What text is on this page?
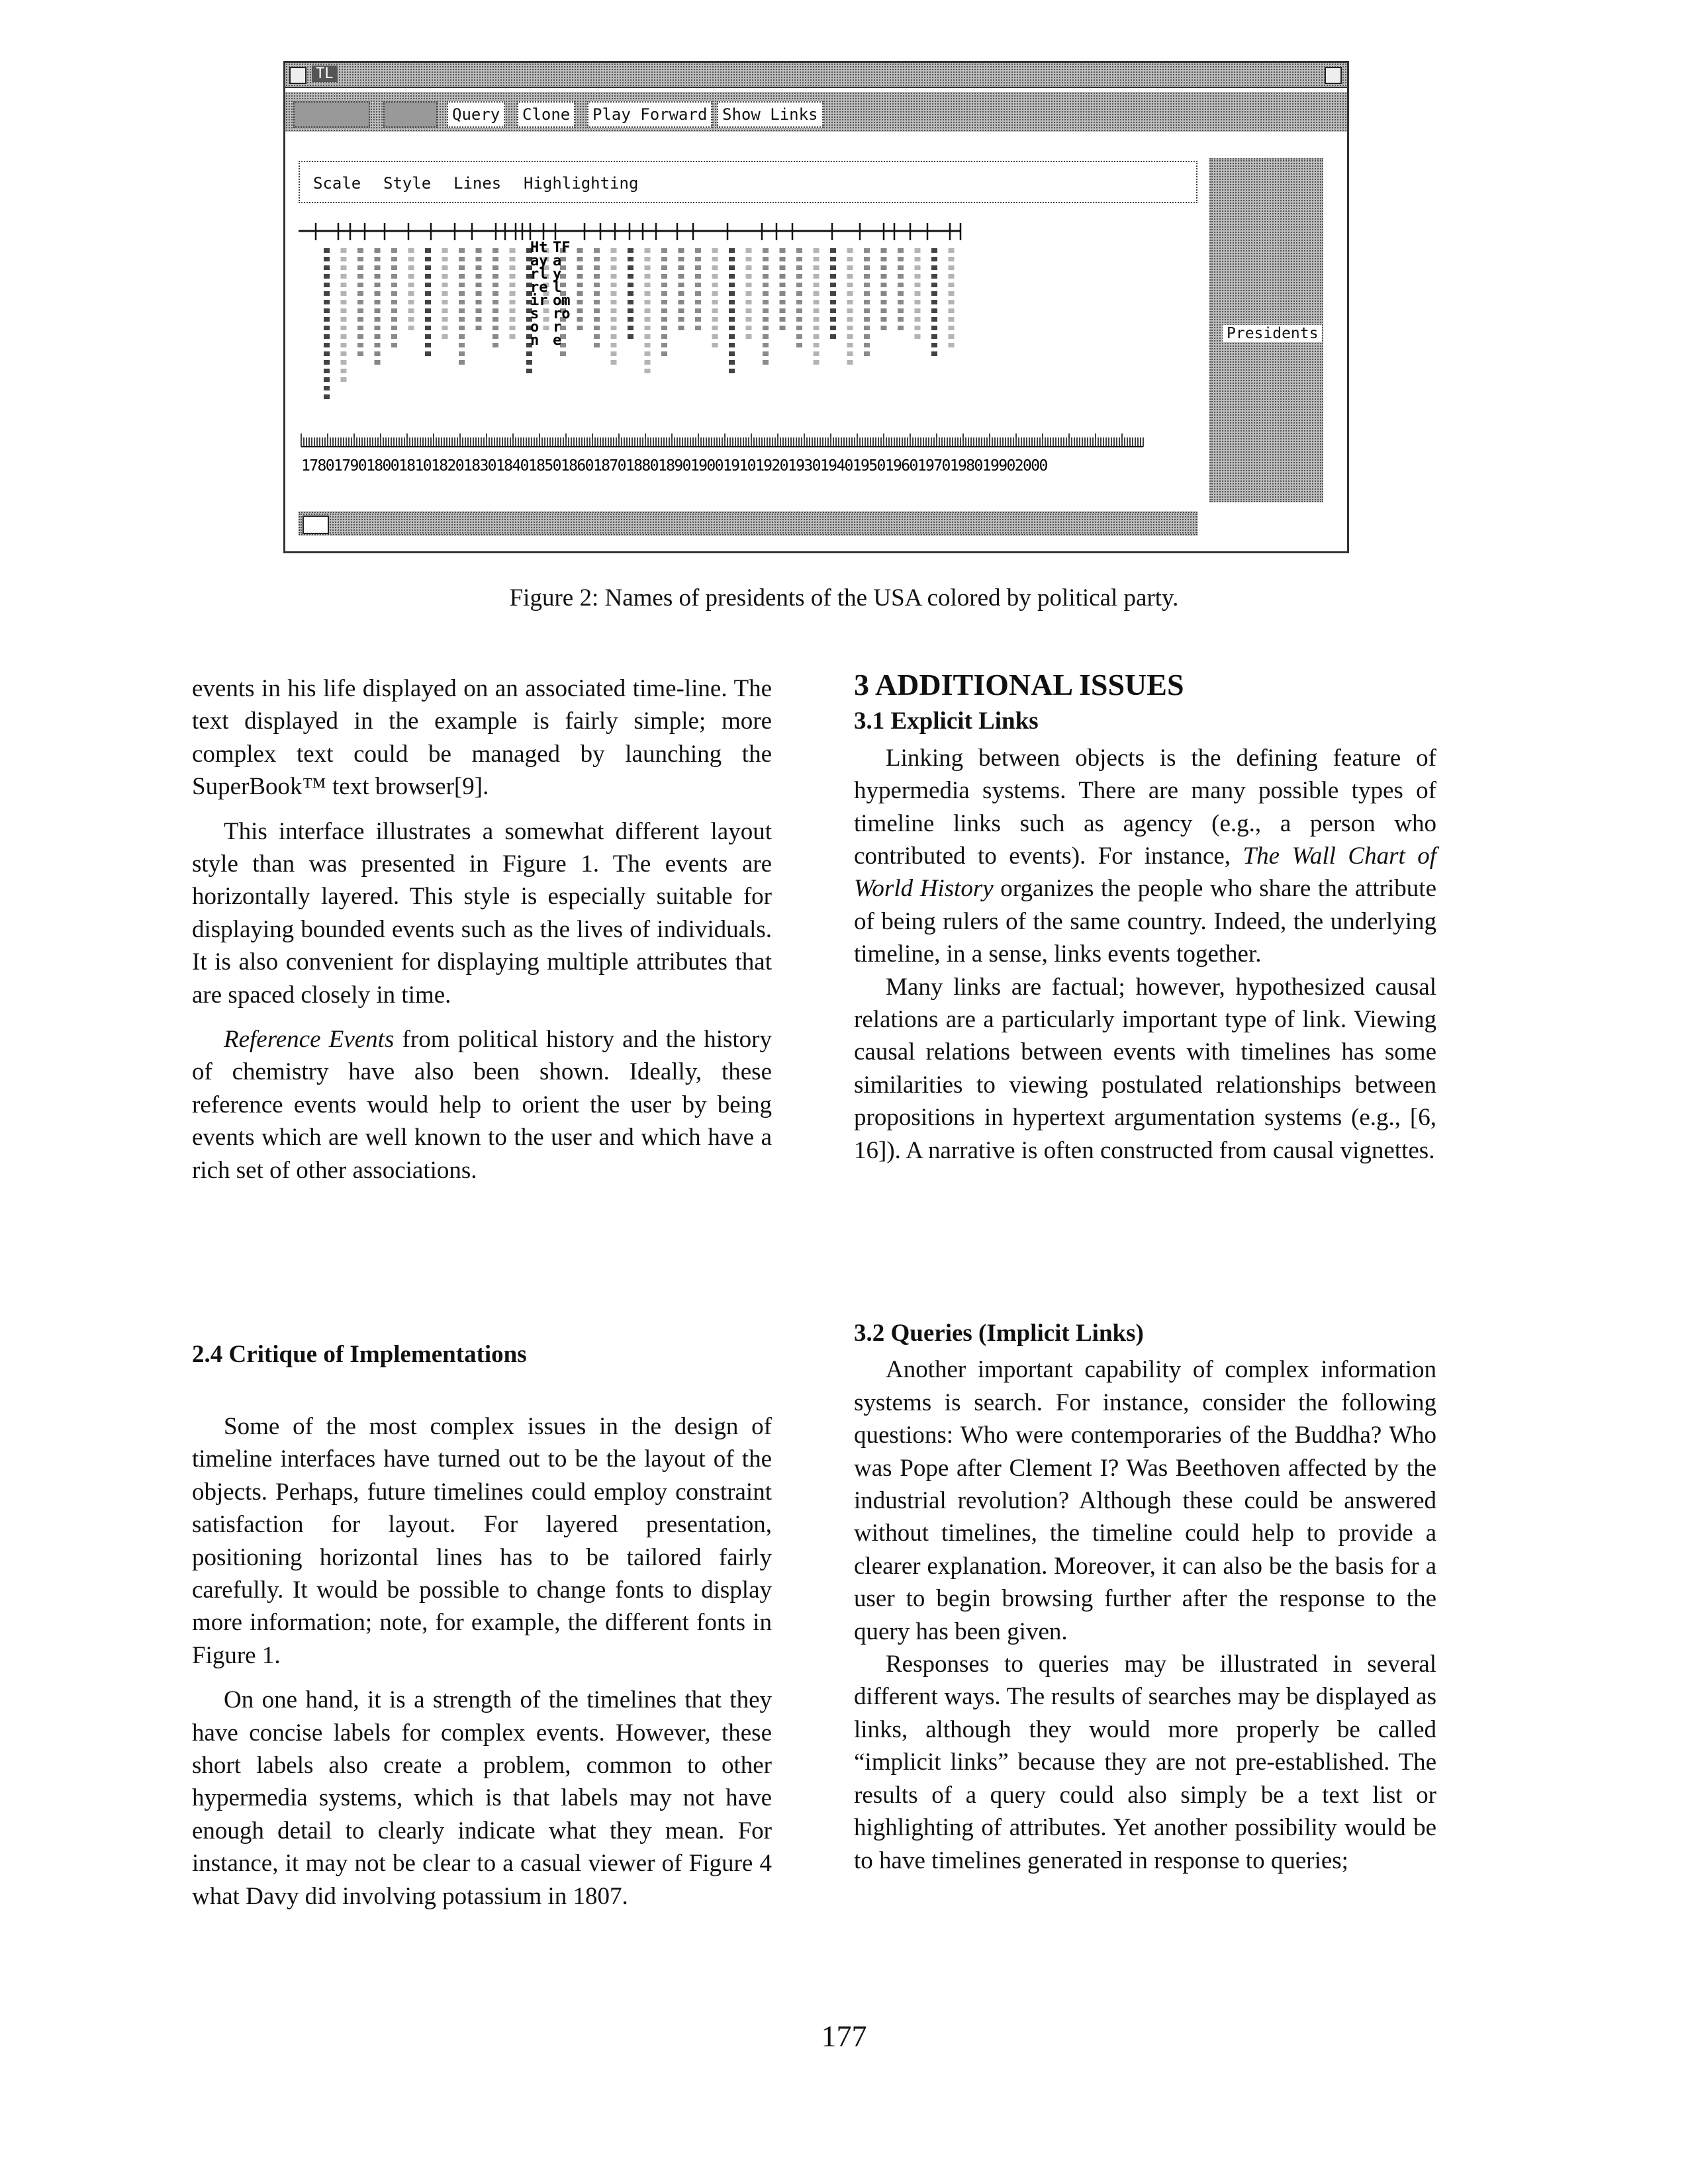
TL
Query	Clone	Play Forward Show Links
Scale Style Lines Highlighting
Presidents
Ht TF
ay a
rl y
re l
ir om
s ro
o r
n e
17801790180018101820183018401850186018701880189019001910192019301940195019601970198019902000
Figure 2: Names of presidents of the USA colored by political party.

events in his life displayed on an associated time-line. The text displayed in the example is fairly simple; more complex text could be managed by launching the SuperBook™ text browser[9].

This interface illustrates a somewhat different layout style than was presented in Figure 1. The events are horizontally layered. This style is especially suitable for displaying bounded events such as the lives of individuals. It is also convenient for displaying multiple attributes that are spaced closely in time.

Reference Events from political history and the history of chemistry have also been shown. Ideally, these reference events would help to orient the user by being events which are well known to the user and which have a rich set of other associations.

2.4 Critique of Implementations

Some of the most complex issues in the design of timeline interfaces have turned out to be the layout of the objects. Perhaps, future timelines could employ constraint satisfaction for layout. For layered presentation, positioning horizontal lines has to be tailored fairly carefully. It would be possible to change fonts to display more information; note, for example, the different fonts in Figure 1.

On one hand, it is a strength of the timelines that they have concise labels for complex events. However, these short labels also create a problem, common to other hypermedia systems, which is that labels may not have enough detail to clearly indicate what they mean. For instance, it may not be clear to a casual viewer of Figure 4 what Davy did involving potassium in 1807.

3 ADDITIONAL ISSUES

3.1 Explicit Links

Linking between objects is the defining feature of hypermedia systems. There are many possible types of timeline links such as agency (e.g., a person who contributed to events). For instance, The Wall Chart of World History organizes the people who share the attribute of being rulers of the same country. Indeed, the underlying timeline, in a sense, links events together.

Many links are factual; however, hypothesized causal relations are a particularly important type of link. Viewing causal relations between events with timelines has some similarities to viewing postulated relationships between propositions in hypertext argumentation systems (e.g., [6, 16]). A narrative is often constructed from causal vignettes.

3.2 Queries (Implicit Links)

Another important capability of complex information systems is search. For instance, consider the following questions: Who were contemporaries of the Buddha? Who was Pope after Clement I? Was Beethoven affected by the industrial revolution? Although these could be answered without timelines, the timeline could help to provide a clearer explanation. Moreover, it can also be the basis for a user to begin browsing further after the response to the query has been given.

Responses to queries may be illustrated in several different ways. The results of searches may be displayed as links, although they would more properly be called “implicit links” because they are not pre-established. The results of a query could also simply be a text list or highlighting of attributes. Yet another possibility would be to have timelines generated in response to queries;

177
